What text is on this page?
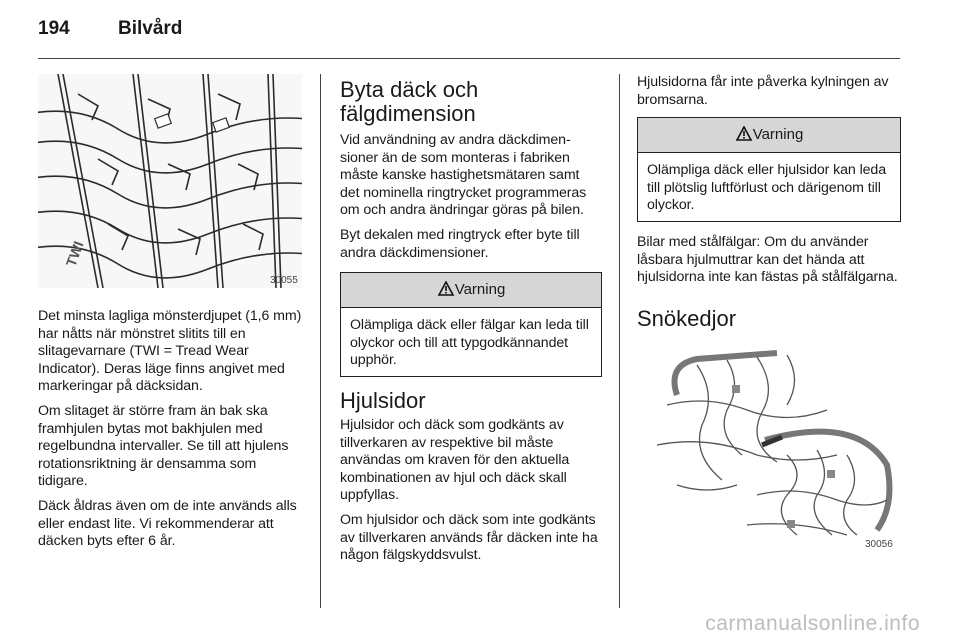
194	Bilvård
TWI
30055

Det minsta lagliga mönsterdjupet (1,6 mm) har nåtts när mönstret slitits till en slitagevarnare (TWI = Tread Wear Indicator). Deras läge finns angivet med markeringar på däcksidan.

Om slitaget är större fram än bak ska framhjulen bytas mot bakhjulen med regelbundna intervaller. Se till att hjulens rotationsriktning är densamma som tidigare.

Däck åldras även om de inte används alls eller endast lite. Vi rekommenderar att däcken byts efter 6 år.

Byta däck och fälgdimension

Vid användning av andra däckdimensioner än de som monteras i fabriken måste kanske hastighetsmätaren samt det nominella ringtrycket programmeras om och andra ändringar göras på bilen.

Byt dekalen med ringtryck efter byte till andra däckdimensioner.

Varning

Olämpliga däck eller fälgar kan leda till olyckor och till att typgodkännandet upphör.

Hjulsidor

Hjulsidor och däck som godkänts av tillverkaren av respektive bil måste användas om kraven för den aktuella kombinationen av hjul och däck skall uppfyllas.

Om hjulsidor och däck som inte godkänts av tillverkaren används får däcken inte ha någon fälgskyddsvulst.

Hjulsidorna får inte påverka kylningen av bromsarna.

Varning

Olämpliga däck eller hjulsidor kan leda till plötslig luftförlust och därigenom till olyckor.

Bilar med stålfälgar: Om du använder låsbara hjulmuttrar kan det hända att hjulsidorna inte kan fästas på stålfälgarna.

Snökedjor
30056
carmanualsonline.info
